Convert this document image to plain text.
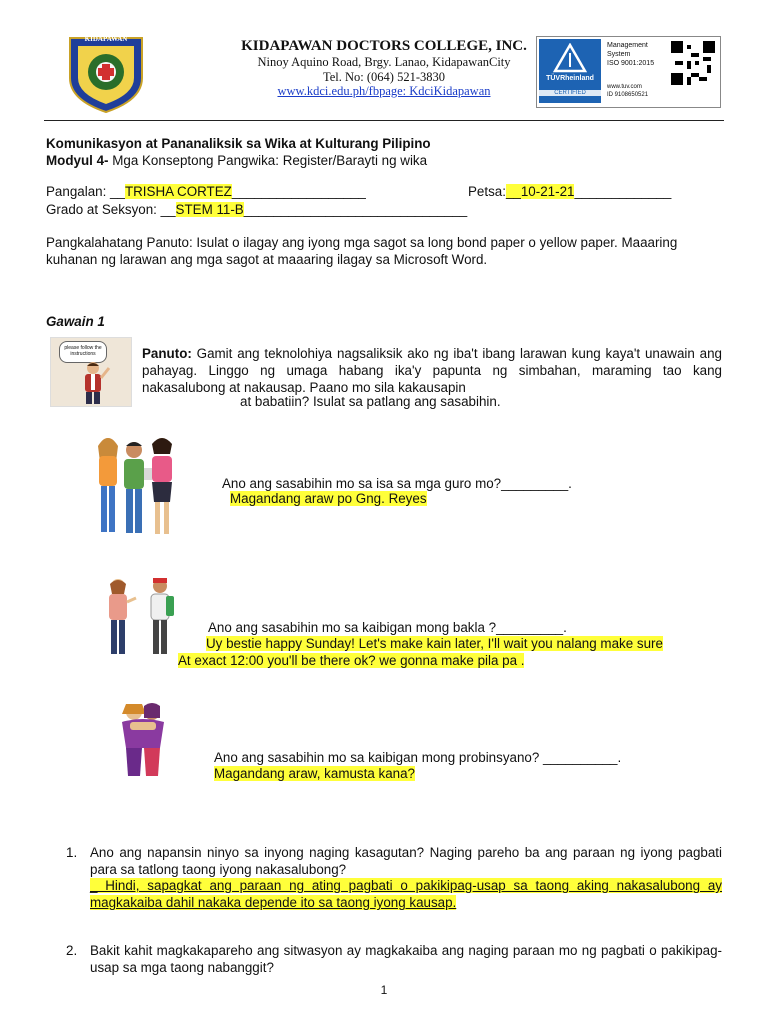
KIDAPAWAN
COLLEGE	DOCTORS
KIDAPAWAN DOCTORS COLLEGE, INC.
Ninoy Aquino Road, Brgy. Lanao, KidapawanCity
Tel. No: (064) 521-3830
www.kdci.edu.ph/fbpage: KdciKidapawan
TÜVRheinland
CERTIFIED
Management
System
ISO 9001:2015
www.tuv.com
ID 9108650521
Komunikasyon at Pananaliksik sa Wika at Kulturang Pilipino
Modyul 4- Mga Konseptong Pangwika: Register/Barayti ng wika
Pangalan: __TRISHA CORTEZ__________________	Petsa:__10-21-21_____________
Grado at Seksyon: __STEM 11-B______________________________
Pangkalahatang Panuto: Isulat o ilagay ang iyong mga sagot sa long bond paper o yellow paper. Maaaring kuhanan ng larawan ang mga sagot at maaaring ilagay sa Microsoft Word.
Gawain 1
please follow the instructions	Panuto: Gamit ang teknolohiya nagsaliksik ako ng iba't ibang larawan kung kaya't unawain ang pahayag. Linggo ng umaga habang ika'y papunta ng simbahan, maraming tao kang nakasalubong at nakausap. Paano mo sila kakausapin
at babatiin? Isulat sa patlang ang sasabihin.
Ano ang sasabihin mo sa isa sa mga guro mo?_________.
Magandang araw po Gng. Reyes
Ano ang sasabihin mo sa kaibigan mong bakla ?_________.
Uy bestie happy Sunday! Let's make kain later, I'll wait you nalang make sure
At exact 12:00 you'll be there ok? we gonna make pila pa .
Ano ang sasabihin mo sa kaibigan mong probinsyano? __________.
Magandang araw, kamusta kana?
1. Ano ang napansin ninyo sa inyong naging kasagutan? Naging pareho ba ang paraan ng iyong pagbati para sa tatlong taong iyong nakasalubong?
_ Hindi, sapagkat ang paraan ng ating pagbati o pakikipag-usap sa taong aking nakasalubong ay magkakaiba dahil nakaka depende ito sa taong iyong kausap.
2. Bakit kahit magkakapareho ang sitwasyon ay magkakaiba ang naging paraan mo ng pagbati o pakikipag-usap sa mga taong nabanggit?
1
